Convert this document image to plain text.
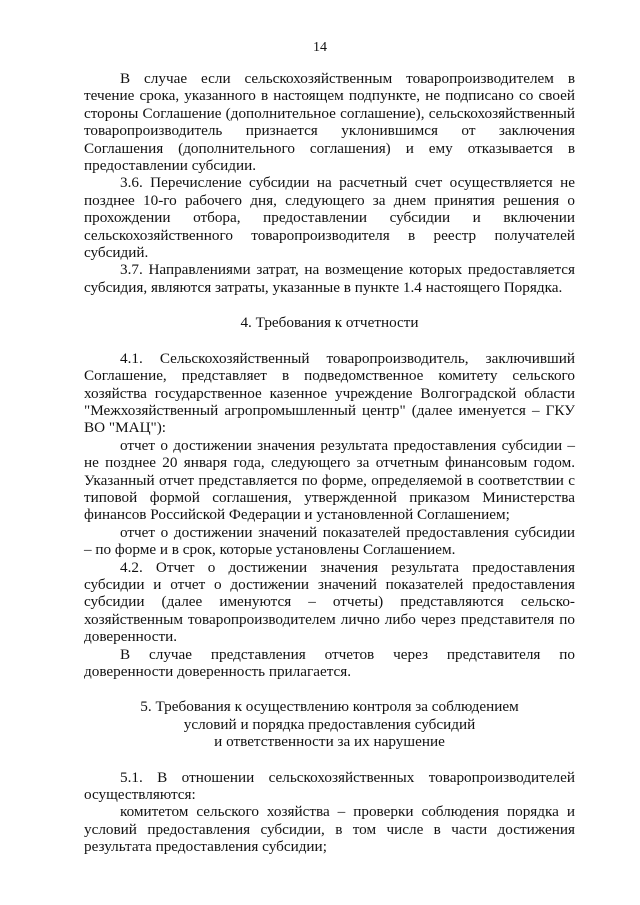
14

В случае если сельскохозяйственным товаропроизводителем в течение срока, указанного в настоящем подпункте, не подписано со своей стороны Соглашение (дополнительное соглашение), сельскохозяйственный товаропроизводитель признается уклонившимся от заключения Соглашения (дополнительного соглашения) и ему отказывается в предоставлении субсидии.

3.6. Перечисление субсидии на расчетный счет осуществляется не позднее 10-го рабочего дня, следующего за днем принятия решения о прохождении отбора, предоставлении субсидии и включении сельскохозяйственного товаропроизводителя в реестр получателей субсидий.

3.7. Направлениями затрат, на возмещение которых предоставляется субсидия, являются затраты, указанные в пункте 1.4 настоящего Порядка.

4. Требования к отчетности

4.1. Сельскохозяйственный товаропроизводитель, заключивший Соглашение, представляет в подведомственное комитету сельского хозяйства государственное казенное учреждение Волгоградской области "Межхозяйственный агропромышленный центр" (далее именуется – ГКУ ВО "МАЦ"):

отчет о достижении значения результата предоставления субсидии – не позднее 20 января года, следующего за отчетным финансовым годом. Указанный отчет представляется по форме, определяемой в соответствии с типовой формой соглашения, утвержденной приказом Министерства финансов Российской Федерации и установленной Соглашением;

отчет о достижении значений показателей предоставления субсидии – по форме и в срок, которые установлены Соглашением.

4.2. Отчет о достижении значения результата предоставления субсидии и отчет о достижении значений показателей предоставления субсидии (далее именуются – отчеты) представляются сельско-хозяйственным товаропроизводителем лично либо через представителя по доверенности.

В случае представления отчетов через представителя по доверенности доверенность прилагается.

5. Требования к осуществлению контроля за соблюдением

условий и порядка предоставления субсидий

и ответственности за их нарушение

5.1. В отношении сельскохозяйственных товаропроизводителей осуществляются:

комитетом сельского хозяйства – проверки соблюдения порядка и условий предоставления субсидии, в том числе в части достижения результата предоставления субсидии;
